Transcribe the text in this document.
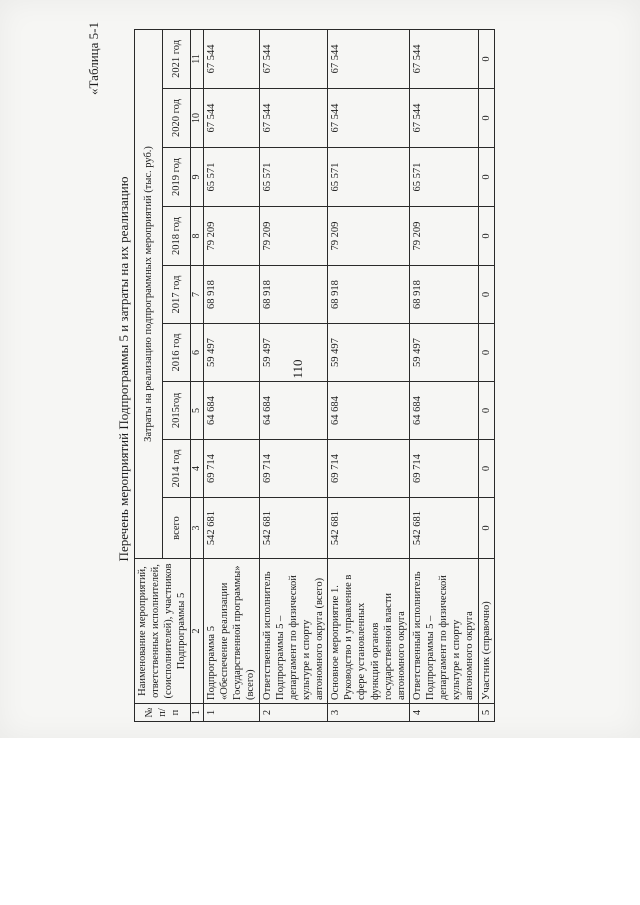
110
«Таблица 5-1
Перечень мероприятий Подпрограммы 5 и затраты на их реализацию
№ п/п	Наименование мероприятий, ответственных исполнителей, (соисполнителей), участников Подпрограммы 5	Затраты на реализацию подпрограммных мероприятий (тыс. руб.)								
		всего	2014 год	2015год	2016 год	2017 год	2018 год	2019 год	2020 год	2021 год
1	2	3	4	5	6	7	8	9	10	11
1	Подпрограмма 5 «Обеспечение реализации Государственной программы» (всего)	542 681	69 714	64 684	59 497	68 918	79 209	65 571	67 544	67 544
2	Ответственный исполнитель Подпрограммы 5 – департамент по физической культуре и спорту автономного округа (всего)	542 681	69 714	64 684	59 497	68 918	79 209	65 571	67 544	67 544
3	Основное мероприятие 1. Руководство и управление в сфере установленных функций органов государственной власти автономного округа	542 681	69 714	64 684	59 497	68 918	79 209	65 571	67 544	67 544
4	Ответственный исполнитель Подпрограммы 5 – департамент по физической культуре и спорту автономного округа	542 681	69 714	64 684	59 497	68 918	79 209	65 571	67 544	67 544
5	Участник (справочно)	0	0	0	0	0	0	0	0	0
